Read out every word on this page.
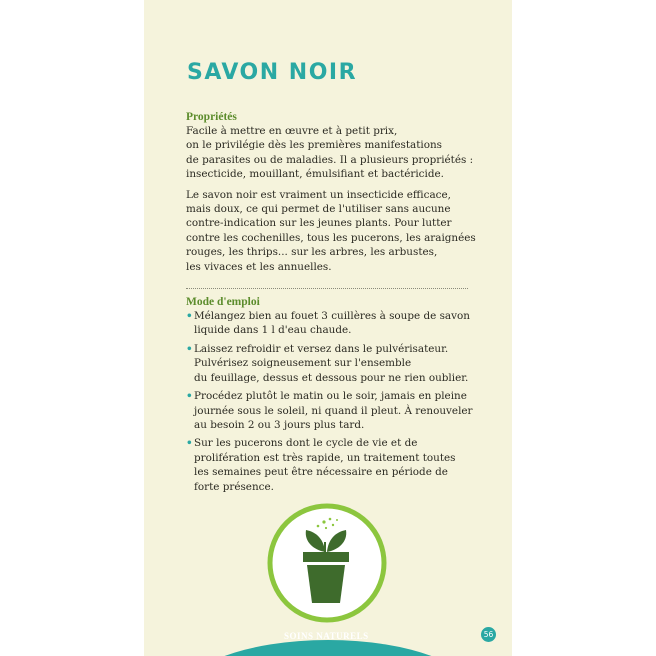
SAVON NOIR
Propriétés

Facile à mettre en œuvre et à petit prix,
on le privilégie dès les premières manifestations
de parasites ou de maladies. Il a plusieurs propriétés :
insecticide, mouillant, émulsifiant et bactéricide.

Le savon noir est vraiment un insecticide efficace,
mais doux, ce qui permet de l'utiliser sans aucune
contre-indication sur les jeunes plants. Pour lutter
contre les cochenilles, tous les pucerons, les araignées
rouges, les thrips... sur les arbres, les arbustes,
les vivaces et les annuelles.

Mode d'emploi
• Mélangez bien au fouet 3 cuillères à soupe de savon
liquide dans 1 l d'eau chaude.
• Laissez refroidir et versez dans le pulvérisateur.
Pulvérisez soigneusement sur l'ensemble
du feuillage, dessus et dessous pour ne rien oublier.
• Procédez plutôt le matin ou le soir, jamais en pleine
journée sous le soleil, ni quand il pleut. À renouveler
au besoin 2 ou 3 jours plus tard.
• Sur les pucerons dont le cycle de vie et de
prolifération est très rapide, un traitement toutes
les semaines peut être nécessaire en période de
forte présence.
SOINS NATURELS	56
